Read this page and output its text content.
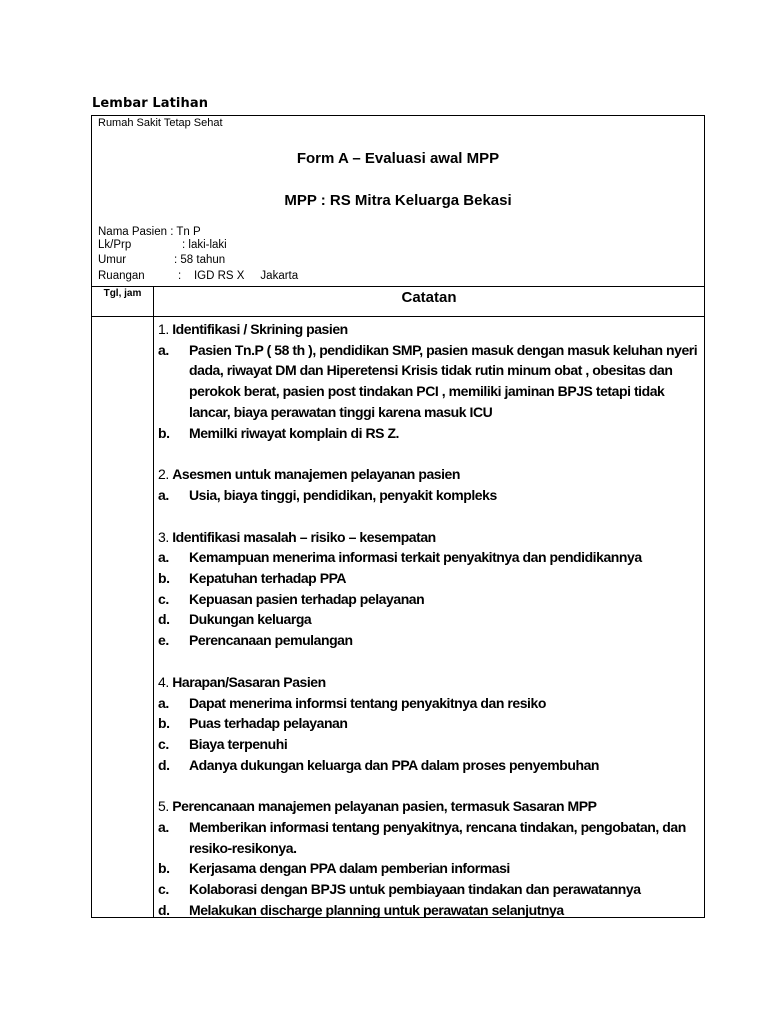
Lembar Latihan
Rumah Sakit Tetap Sehat
Form A – Evaluasi awal MPP
MPP : RS Mitra Keluarga Bekasi
Nama Pasien : Tn P
Lk/Prp	: laki-laki
Umur	: 58 tahun
Ruangan	:    IGD RS X     Jakarta
Tgl, jam	Catatan
1. Identifikasi / Skrining pasien
a.	Pasien Tn.P ( 58 th ), pendidikan SMP, pasien masuk dengan masuk keluhan nyeri dada, riwayat DM dan Hiperetensi Krisis tidak rutin minum obat , obesitas dan perokok berat, pasien post tindakan PCI , memiliki jaminan BPJS tetapi tidak lancar, biaya perawatan tinggi karena masuk ICU
b.	Memilki riwayat komplain di RS Z.
2. Asesmen untuk manajemen pelayanan pasien
a.	Usia, biaya tinggi, pendidikan, penyakit kompleks
3. Identifikasi masalah – risiko – kesempatan
a.	Kemampuan menerima informasi terkait penyakitnya dan pendidikannya
b.	Kepatuhan terhadap PPA
c.	Kepuasan pasien terhadap pelayanan
d.	Dukungan keluarga
e.	Perencanaan pemulangan
4. Harapan/Sasaran Pasien
a.	Dapat menerima informsi tentang penyakitnya dan resiko
b.	Puas terhadap pelayanan
c.	Biaya terpenuhi
d.	Adanya dukungan keluarga dan PPA dalam proses penyembuhan
5. Perencanaan manajemen pelayanan pasien, termasuk Sasaran MPP
a.	Memberikan informasi tentang penyakitnya, rencana tindakan, pengobatan, dan resiko-resikonya.
b.	Kerjasama dengan PPA dalam pemberian informasi
c.	Kolaborasi dengan BPJS untuk pembiayaan tindakan dan perawatannya
d.	Melakukan discharge planning untuk perawatan selanjutnya
